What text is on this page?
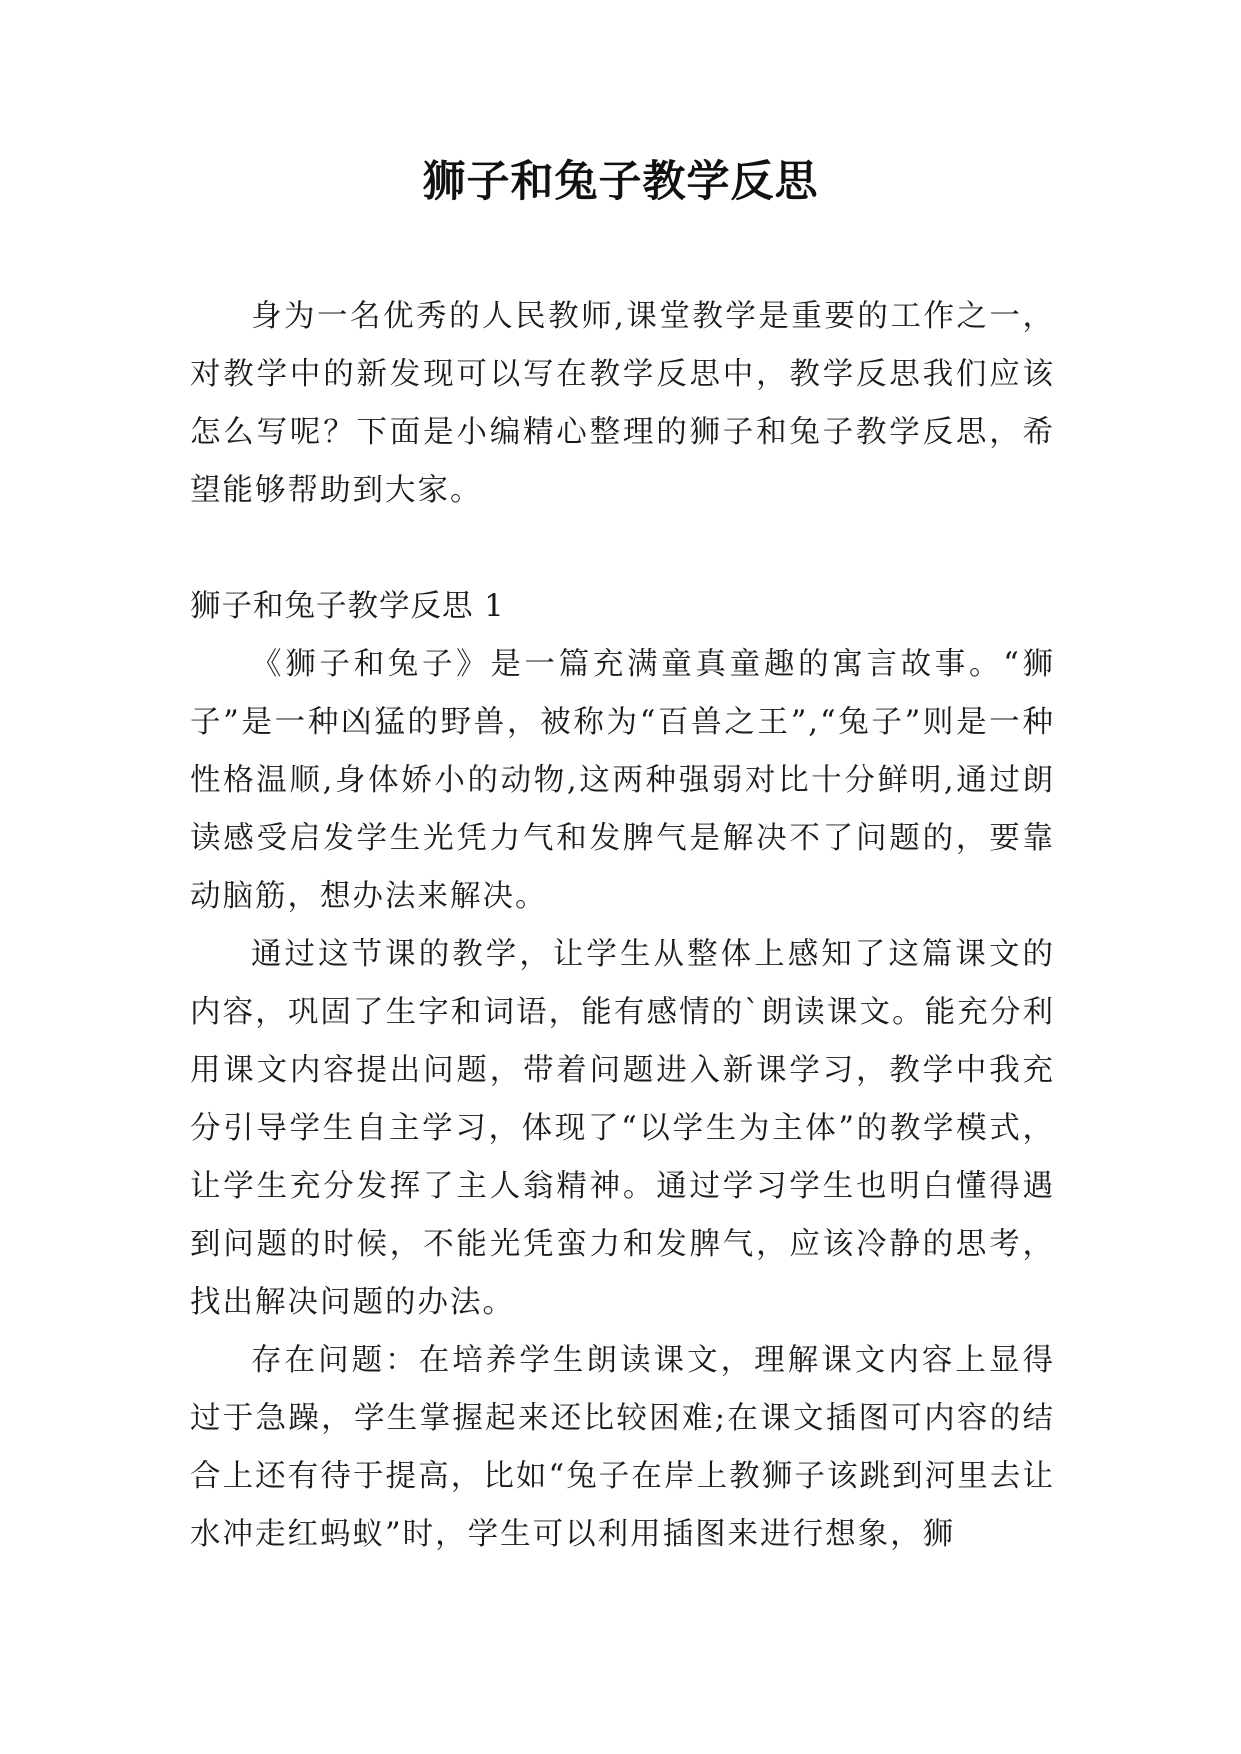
狮子和兔子教学反思

身为一名优秀的人民教师,课堂教学是重要的工作之一，对教学中的新发现可以写在教学反思中，教学反思我们应该怎么写呢？下面是小编精心整理的狮子和兔子教学反思，希望能够帮助到大家。

狮子和兔子教学反思 1

《狮子和兔子》是一篇充满童真童趣的寓言故事。“狮子”是一种凶猛的野兽，被称为“百兽之王”,“兔子”则是一种性格温顺,身体娇小的动物,这两种强弱对比十分鲜明,通过朗读感受启发学生光凭力气和发脾气是解决不了问题的，要靠动脑筋，想办法来解决。

通过这节课的教学，让学生从整体上感知了这篇课文的内容，巩固了生字和词语，能有感情的`朗读课文。能充分利用课文内容提出问题，带着问题进入新课学习，教学中我充分引导学生自主学习，体现了“以学生为主体”的教学模式，让学生充分发挥了主人翁精神。通过学习学生也明白懂得遇到问题的时候，不能光凭蛮力和发脾气，应该冷静的思考，找出解决问题的办法。

存在问题：在培养学生朗读课文，理解课文内容上显得过于急躁，学生掌握起来还比较困难;在课文插图可内容的结合上还有待于提高，比如“兔子在岸上教狮子该跳到河里去让水冲走红蚂蚁”时，学生可以利用插图来进行想象，狮
